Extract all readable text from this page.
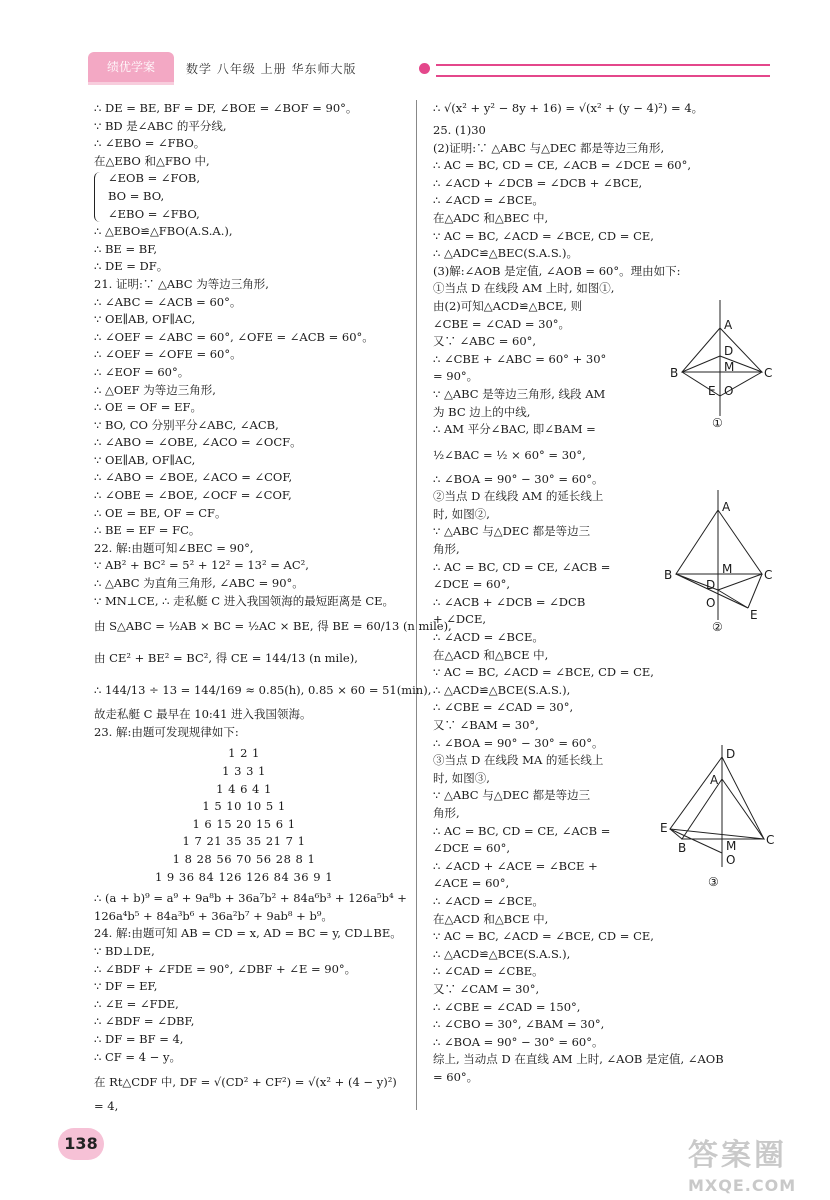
绩优学案	数学 八年级 上册 华东师大版
∴ DE = BE, BF = DF, ∠BOE = ∠BOF = 90°。
∵ BD 是∠ABC 的平分线,
∴ ∠EBO = ∠FBO。
在△EBO 和△FBO 中,
∠EOB = ∠FOB,
BO = BO,
∠EBO = ∠FBO,
∴ △EBO≌△FBO(A.S.A.),
∴ BE = BF,
∴ DE = DF。
21. 证明:∵ △ABC 为等边三角形,
∴ ∠ABC = ∠ACB = 60°。
∵ OE∥AB, OF∥AC,
∴ ∠OEF = ∠ABC = 60°, ∠OFE = ∠ACB = 60°。
∴ ∠OEF = ∠OFE = 60°。
∴ ∠EOF = 60°。
∴ △OEF 为等边三角形,
∴ OE = OF = EF。
∵ BO, CO 分别平分∠ABC, ∠ACB,
∴ ∠ABO = ∠OBE, ∠ACO = ∠OCF。
∵ OE∥AB, OF∥AC,
∴ ∠ABO = ∠BOE, ∠ACO = ∠COF,
∴ ∠OBE = ∠BOE, ∠OCF = ∠COF,
∴ OE = BE, OF = CF。
∴ BE = EF = FC。
22. 解:由题可知∠BEC = 90°,
∵ AB² + BC² = 5² + 12² = 13² = AC²,
∴ △ABC 为直角三角形, ∠ABC = 90°。
∵ MN⊥CE, ∴ 走私艇 C 进入我国领海的最短距离是 CE。
由 S△ABC = ½AB × BC = ½AC × BE, 得 BE = 60/13 (n mile),
由 CE² + BE² = BC², 得 CE = 144/13 (n mile),
∴ 144/13 ÷ 13 = 144/169 ≈ 0.85(h), 0.85 × 60 = 51(min),
故走私艇 C 最早在 10:41 进入我国领海。
23. 解:由题可发现规律如下:
1 2 1
1 3 3 1
1 4 6 4 1
1 5 10 10 5 1
1 6 15 20 15 6 1
1 7 21 35 35 21 7 1
1 8 28 56 70 56 28 8 1
1 9 36 84 126 126 84 36 9 1
∴ (a + b)⁹ = a⁹ + 9a⁸b + 36a⁷b² + 84a⁶b³ + 126a⁵b⁴ +
126a⁴b⁵ + 84a³b⁶ + 36a²b⁷ + 9ab⁸ + b⁹。
24. 解:由题可知 AB = CD = x, AD = BC = y, CD⊥BE。
∵ BD⊥DE,
∴ ∠BDF + ∠FDE = 90°, ∠DBF + ∠E = 90°。
∵ DF = EF,
∴ ∠E = ∠FDE,
∴ ∠BDF = ∠DBF,
∴ DF = BF = 4,
∴ CF = 4 − y。
在 Rt△CDF 中, DF = √(CD² + CF²) = √(x² + (4 − y)²)
= 4,
∴ √(x² + y² − 8y + 16) = √(x² + (y − 4)²) = 4。
25. (1)30
(2)证明:∵ △ABC 与△DEC 都是等边三角形,
∴ AC = BC, CD = CE, ∠ACB = ∠DCE = 60°,
∴ ∠ACD + ∠DCB = ∠DCB + ∠BCE,
∴ ∠ACD = ∠BCE。
在△ADC 和△BEC 中,
∵ AC = BC, ∠ACD = ∠BCE, CD = CE,
∴ △ADC≌△BEC(S.A.S.)。
(3)解:∠AOB 是定值, ∠AOB = 60°。理由如下:
①当点 D 在线段 AM 上时, 如图①,
由(2)可知△ACD≌△BCE, 则
∠CBE = ∠CAD = 30°。
又∵ ∠ABC = 60°,
∴ ∠CBE + ∠ABC = 60° + 30°
= 90°。
∵ △ABC 是等边三角形, 线段 AM
为 BC 边上的中线,
∴ AM 平分∠BAC, 即∠BAM =
½∠BAC = ½ × 60° = 30°,
∴ ∠BOA = 90° − 30° = 60°。
②当点 D 在线段 AM 的延长线上
时, 如图②,
∵ △ABC 与△DEC 都是等边三
角形,
∴ AC = BC, CD = CE, ∠ACB =
∠DCE = 60°,
∴ ∠ACB + ∠DCB = ∠DCB
+ ∠DCE,
∴ ∠ACD = ∠BCE。
在△ACD 和△BCE 中,
∵ AC = BC, ∠ACD = ∠BCE, CD = CE,
∴ △ACD≌△BCE(S.A.S.),
∴ ∠CBE = ∠CAD = 30°,
又∵ ∠BAM = 30°,
∴ ∠BOA = 90° − 30° = 60°。
③当点 D 在线段 MA 的延长线上
时, 如图③,
∵ △ABC 与△DEC 都是等边三
角形,
∴ AC = BC, CD = CE, ∠ACB =
∠DCE = 60°,
∴ ∠ACD + ∠ACE = ∠BCE +
∠ACE = 60°,
∴ ∠ACD = ∠BCE。
在△ACD 和△BCE 中,
∵ AC = BC, ∠ACD = ∠BCE, CD = CE,
∴ △ACD≌△BCE(S.A.S.),
∴ ∠CAD = ∠CBE。
又∵ ∠CAM = 30°,
∴ ∠CBE = ∠CAD = 150°,
∴ ∠CBO = 30°, ∠BAM = 30°,
∴ ∠BOA = 90° − 30° = 60°。
综上, 当动点 D 在直线 AM 上时, ∠AOB 是定值, ∠AOB
= 60°。
A
B	C
M
D
O
E
①
A
B	C
M
D
O
E
②
D
A
E
B
C
M
O
③
138	答案圈
MXQE.COM
